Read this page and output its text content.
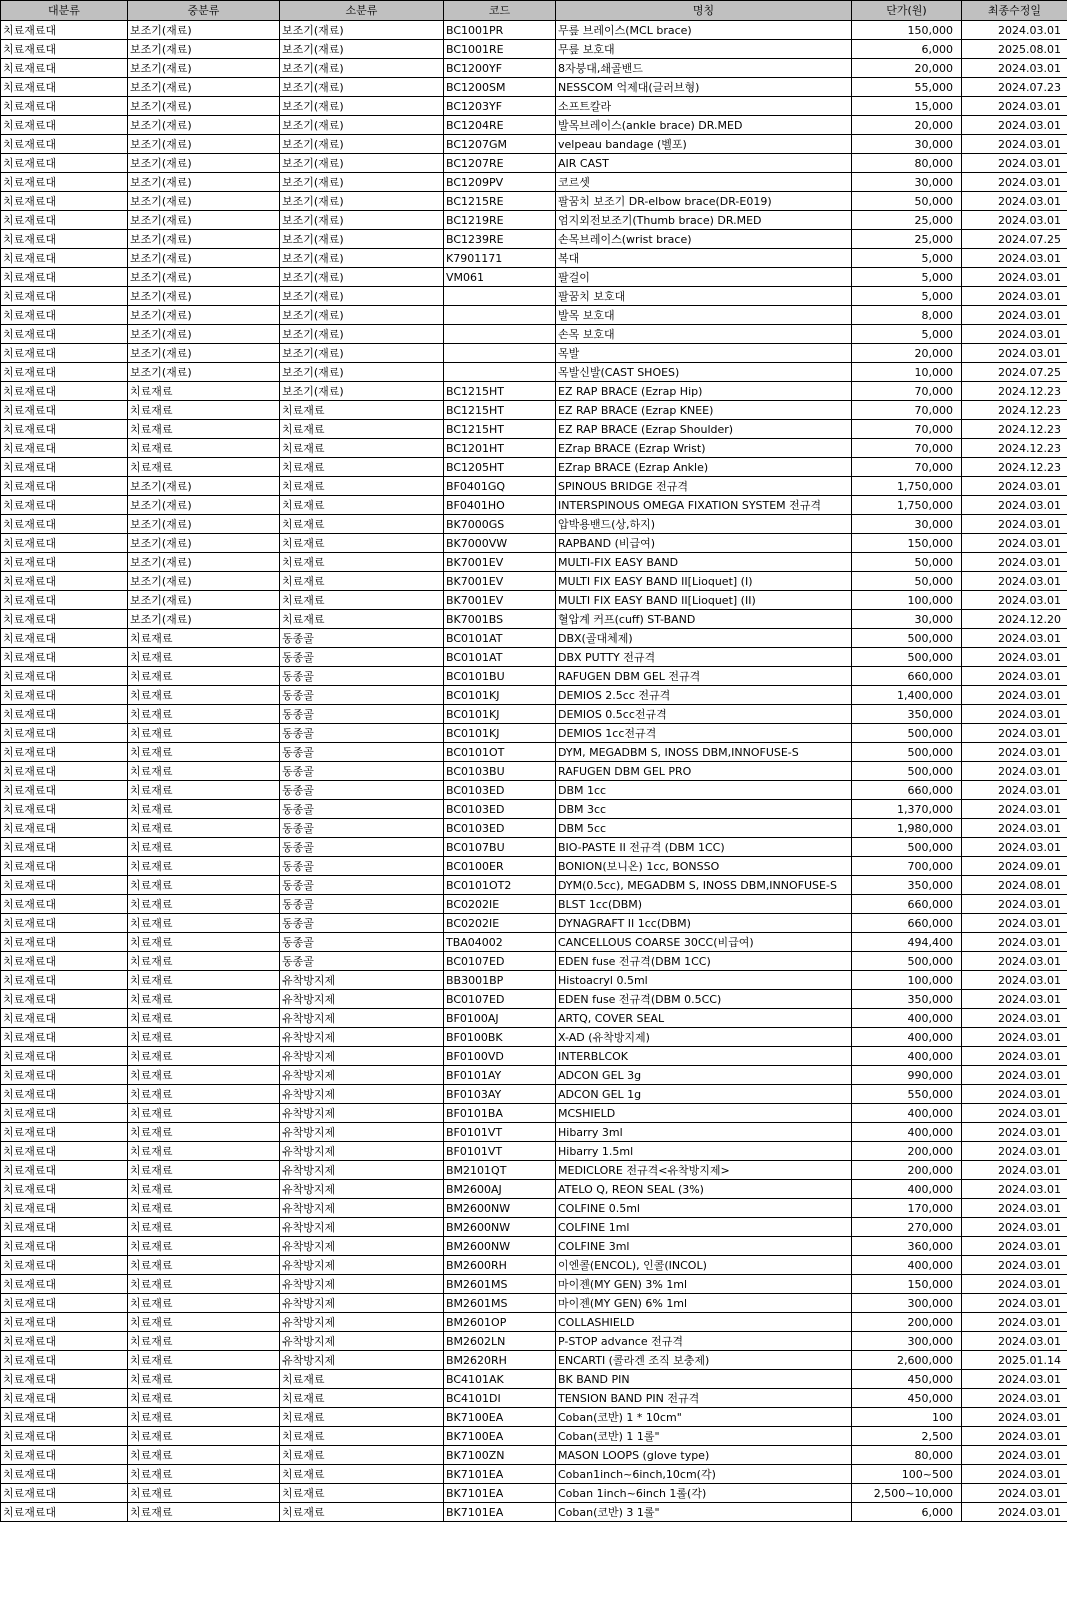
대분류	중분류	소분류	코드	명칭	단가(원)	최종수정일
치료재료대	보조기(재료)	보조기(재료)	BC1001PR	무릎 브레이스(MCL brace)	150,000	2024.03.01
치료재료대	보조기(재료)	보조기(재료)	BC1001RE	무릎 보호대	6,000	2025.08.01
치료재료대	보조기(재료)	보조기(재료)	BC1200YF	8자붕대,쇄골밴드	20,000	2024.03.01
치료재료대	보조기(재료)	보조기(재료)	BC1200SM	NESSCOM 억제대(글러브형)	55,000	2024.07.23
치료재료대	보조기(재료)	보조기(재료)	BC1203YF	소프트칼라	15,000	2024.03.01
치료재료대	보조기(재료)	보조기(재료)	BC1204RE	발목브레이스(ankle brace) DR.MED	20,000	2024.03.01
치료재료대	보조기(재료)	보조기(재료)	BC1207GM	velpeau bandage (벨포)	30,000	2024.03.01
치료재료대	보조기(재료)	보조기(재료)	BC1207RE	AIR CAST	80,000	2024.03.01
치료재료대	보조기(재료)	보조기(재료)	BC1209PV	코르셋	30,000	2024.03.01
치료재료대	보조기(재료)	보조기(재료)	BC1215RE	팔꿈치 보조기 DR-elbow brace(DR-E019)	50,000	2024.03.01
치료재료대	보조기(재료)	보조기(재료)	BC1219RE	엄지외전보조기(Thumb brace) DR.MED	25,000	2024.03.01
치료재료대	보조기(재료)	보조기(재료)	BC1239RE	손목브레이스(wrist brace)	25,000	2024.07.25
치료재료대	보조기(재료)	보조기(재료)	K7901171	복대	5,000	2024.03.01
치료재료대	보조기(재료)	보조기(재료)	VM061	팔걸이	5,000	2024.03.01
치료재료대	보조기(재료)	보조기(재료)		팔꿈치 보호대	5,000	2024.03.01
치료재료대	보조기(재료)	보조기(재료)		발목 보호대	8,000	2024.03.01
치료재료대	보조기(재료)	보조기(재료)		손목 보호대	5,000	2024.03.01
치료재료대	보조기(재료)	보조기(재료)		목발	20,000	2024.03.01
치료재료대	보조기(재료)	보조기(재료)		목발신발(CAST SHOES)	10,000	2024.07.25
치료재료대	치료재료	보조기(재료)	BC1215HT	EZ RAP BRACE (Ezrap Hip)	70,000	2024.12.23
치료재료대	치료재료	치료재료	BC1215HT	EZ RAP BRACE (Ezrap KNEE)	70,000	2024.12.23
치료재료대	치료재료	치료재료	BC1215HT	EZ RAP BRACE (Ezrap Shoulder)	70,000	2024.12.23
치료재료대	치료재료	치료재료	BC1201HT	EZrap BRACE (Ezrap Wrist)	70,000	2024.12.23
치료재료대	치료재료	치료재료	BC1205HT	EZrap BRACE (Ezrap Ankle)	70,000	2024.12.23
치료재료대	보조기(재료)	치료재료	BF0401GQ	SPINOUS BRIDGE 전규격	1,750,000	2024.03.01
치료재료대	보조기(재료)	치료재료	BF0401HO	INTERSPINOUS OMEGA FIXATION SYSTEM 전규격	1,750,000	2024.03.01
치료재료대	보조기(재료)	치료재료	BK7000GS	압박용밴드(상,하지)	30,000	2024.03.01
치료재료대	보조기(재료)	치료재료	BK7000VW	RAPBAND (비급여)	150,000	2024.03.01
치료재료대	보조기(재료)	치료재료	BK7001EV	MULTI-FIX EASY BAND	50,000	2024.03.01
치료재료대	보조기(재료)	치료재료	BK7001EV	MULTI FIX EASY BAND II[Lioquet] (I)	50,000	2024.03.01
치료재료대	보조기(재료)	치료재료	BK7001EV	MULTI FIX EASY BAND II[Lioquet] (II)	100,000	2024.03.01
치료재료대	보조기(재료)	치료재료	BK7001BS	혈압계 커프(cuff) ST-BAND	30,000	2024.12.20
치료재료대	치료재료	동종골	BC0101AT	DBX(골대체제)	500,000	2024.03.01
치료재료대	치료재료	동종골	BC0101AT	DBX PUTTY 전규격	500,000	2024.03.01
치료재료대	치료재료	동종골	BC0101BU	RAFUGEN DBM GEL 전규격	660,000	2024.03.01
치료재료대	치료재료	동종골	BC0101KJ	DEMIOS 2.5cc 전규격	1,400,000	2024.03.01
치료재료대	치료재료	동종골	BC0101KJ	DEMIOS 0.5cc전규격	350,000	2024.03.01
치료재료대	치료재료	동종골	BC0101KJ	DEMIOS 1cc전규격	500,000	2024.03.01
치료재료대	치료재료	동종골	BC0101OT	DYM, MEGADBM S, INOSS DBM,INNOFUSE-S	500,000	2024.03.01
치료재료대	치료재료	동종골	BC0103BU	RAFUGEN DBM GEL PRO	500,000	2024.03.01
치료재료대	치료재료	동종골	BC0103ED	DBM 1cc	660,000	2024.03.01
치료재료대	치료재료	동종골	BC0103ED	DBM 3cc	1,370,000	2024.03.01
치료재료대	치료재료	동종골	BC0103ED	DBM 5cc	1,980,000	2024.03.01
치료재료대	치료재료	동종골	BC0107BU	BIO-PASTE II 전규격 (DBM 1CC)	500,000	2024.03.01
치료재료대	치료재료	동종골	BC0100ER	BONION(보니온) 1cc, BONSSO	700,000	2024.09.01
치료재료대	치료재료	동종골	BC0101OT2	DYM(0.5cc), MEGADBM S, INOSS DBM,INNOFUSE-S	350,000	2024.08.01
치료재료대	치료재료	동종골	BC0202IE	BLST 1cc(DBM)	660,000	2024.03.01
치료재료대	치료재료	동종골	BC0202IE	DYNAGRAFT II 1cc(DBM)	660,000	2024.03.01
치료재료대	치료재료	동종골	TBA04002	CANCELLOUS COARSE 30CC(비급여)	494,400	2024.03.01
치료재료대	치료재료	동종골	BC0107ED	EDEN fuse 전규격(DBM 1CC)	500,000	2024.03.01
치료재료대	치료재료	유착방지제	BB3001BP	Histoacryl 0.5ml	100,000	2024.03.01
치료재료대	치료재료	유착방지제	BC0107ED	EDEN fuse 전규격(DBM 0.5CC)	350,000	2024.03.01
치료재료대	치료재료	유착방지제	BF0100AJ	ARTQ, COVER SEAL	400,000	2024.03.01
치료재료대	치료재료	유착방지제	BF0100BK	X-AD (유착방지제)	400,000	2024.03.01
치료재료대	치료재료	유착방지제	BF0100VD	INTERBLCOK	400,000	2024.03.01
치료재료대	치료재료	유착방지제	BF0101AY	ADCON GEL 3g	990,000	2024.03.01
치료재료대	치료재료	유착방지제	BF0103AY	ADCON GEL 1g	550,000	2024.03.01
치료재료대	치료재료	유착방지제	BF0101BA	MCSHIELD	400,000	2024.03.01
치료재료대	치료재료	유착방지제	BF0101VT	Hibarry 3ml	400,000	2024.03.01
치료재료대	치료재료	유착방지제	BF0101VT	Hibarry 1.5ml	200,000	2024.03.01
치료재료대	치료재료	유착방지제	BM2101QT	MEDICLORE 전규격<유착방지제>	200,000	2024.03.01
치료재료대	치료재료	유착방지제	BM2600AJ	ATELO Q, REON SEAL (3%)	400,000	2024.03.01
치료재료대	치료재료	유착방지제	BM2600NW	COLFINE 0.5ml	170,000	2024.03.01
치료재료대	치료재료	유착방지제	BM2600NW	COLFINE 1ml	270,000	2024.03.01
치료재료대	치료재료	유착방지제	BM2600NW	COLFINE 3ml	360,000	2024.03.01
치료재료대	치료재료	유착방지제	BM2600RH	이엔콜(ENCOL), 인콜(INCOL)	400,000	2024.03.01
치료재료대	치료재료	유착방지제	BM2601MS	마이젠(MY GEN) 3% 1ml	150,000	2024.03.01
치료재료대	치료재료	유착방지제	BM2601MS	마이젠(MY GEN) 6% 1ml	300,000	2024.03.01
치료재료대	치료재료	유착방지제	BM2601OP	COLLASHIELD	200,000	2024.03.01
치료재료대	치료재료	유착방지제	BM2602LN	P-STOP advance 전규격	300,000	2024.03.01
치료재료대	치료재료	유착방지제	BM2620RH	ENCARTI (콜라겐 조직 보충제)	2,600,000	2025.01.14
치료재료대	치료재료	치료재료	BC4101AK	BK BAND PIN	450,000	2024.03.01
치료재료대	치료재료	치료재료	BC4101DI	TENSION BAND PIN 전규격	450,000	2024.03.01
치료재료대	치료재료	치료재료	BK7100EA	Coban(코반) 1 * 10cm"	100	2024.03.01
치료재료대	치료재료	치료재료	BK7100EA	Coban(코반) 1 1롤"	2,500	2024.03.01
치료재료대	치료재료	치료재료	BK7100ZN	MASON LOOPS (glove type)	80,000	2024.03.01
치료재료대	치료재료	치료재료	BK7101EA	Coban1inch~6inch,10cm(각)	100~500	2024.03.01
치료재료대	치료재료	치료재료	BK7101EA	Coban 1inch~6inch 1롤(각)	2,500~10,000	2024.03.01
치료재료대	치료재료	치료재료	BK7101EA	Coban(코반) 3 1롤"	6,000	2024.03.01
